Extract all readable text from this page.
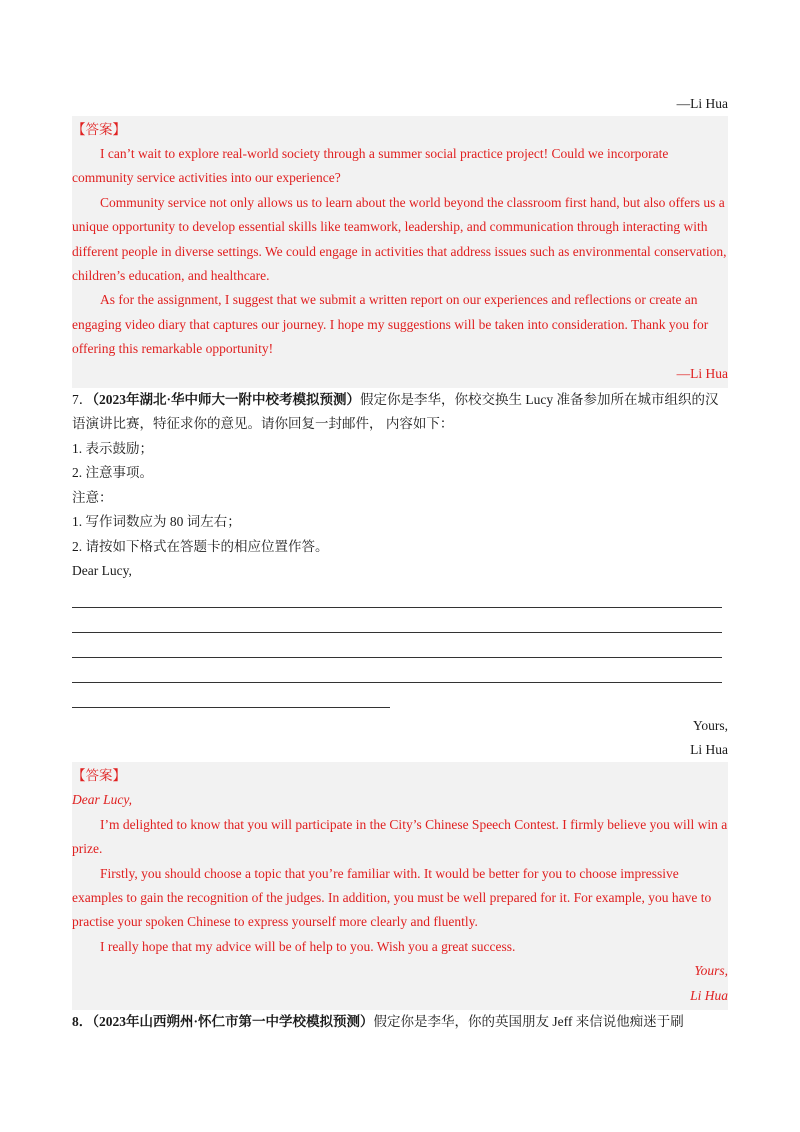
—Li Hua
【答案】

I can’t wait to explore real-world society through a summer social practice project! Could we incorporate community service activities into our experience?

Community service not only allows us to learn about the world beyond the classroom first hand, but also offers us a unique opportunity to develop essential skills like teamwork, leadership, and communication through interacting with different people in diverse settings. We could engage in activities that address issues such as environmental conservation, children’s education, and healthcare.

As for the assignment, I suggest that we submit a written report on our experiences and reflections or create an engaging video diary that captures our journey. I hope my suggestions will be taken into consideration. Thank you for offering this remarkable opportunity!

—Li Hua

7．（2023年湖北·华中师大一附中校考模拟预测）假定你是李华，你校交换生 Lucy 准备参加所在城市组织的汉语演讲比赛，特征求你的意见。请你回复一封邮件， 内容如下：

1. 表示鼓励；

2. 注意事项。

注意：

1. 写作词数应为 80 词左右；

2. 请按如下格式在答题卡的相应位置作答。

Dear Lucy,

Yours,
Li Hua
【答案】

Dear Lucy,

I’m delighted to know that you will participate in the City’s Chinese Speech Contest. I firmly believe you will win a prize.

Firstly, you should choose a topic that you’re familiar with. It would be better for you to choose impressive examples to gain the recognition of the judges. In addition, you must be well prepared for it. For example, you have to practise your spoken Chinese to express yourself more clearly and fluently.

I really hope that my advice will be of help to you. Wish you a great success.

Yours,

Li Hua

8．（2023年山西朔州·怀仁市第一中学校模拟预测）假定你是李华，你的英国朋友 Jeff 来信说他痴迷于刷
